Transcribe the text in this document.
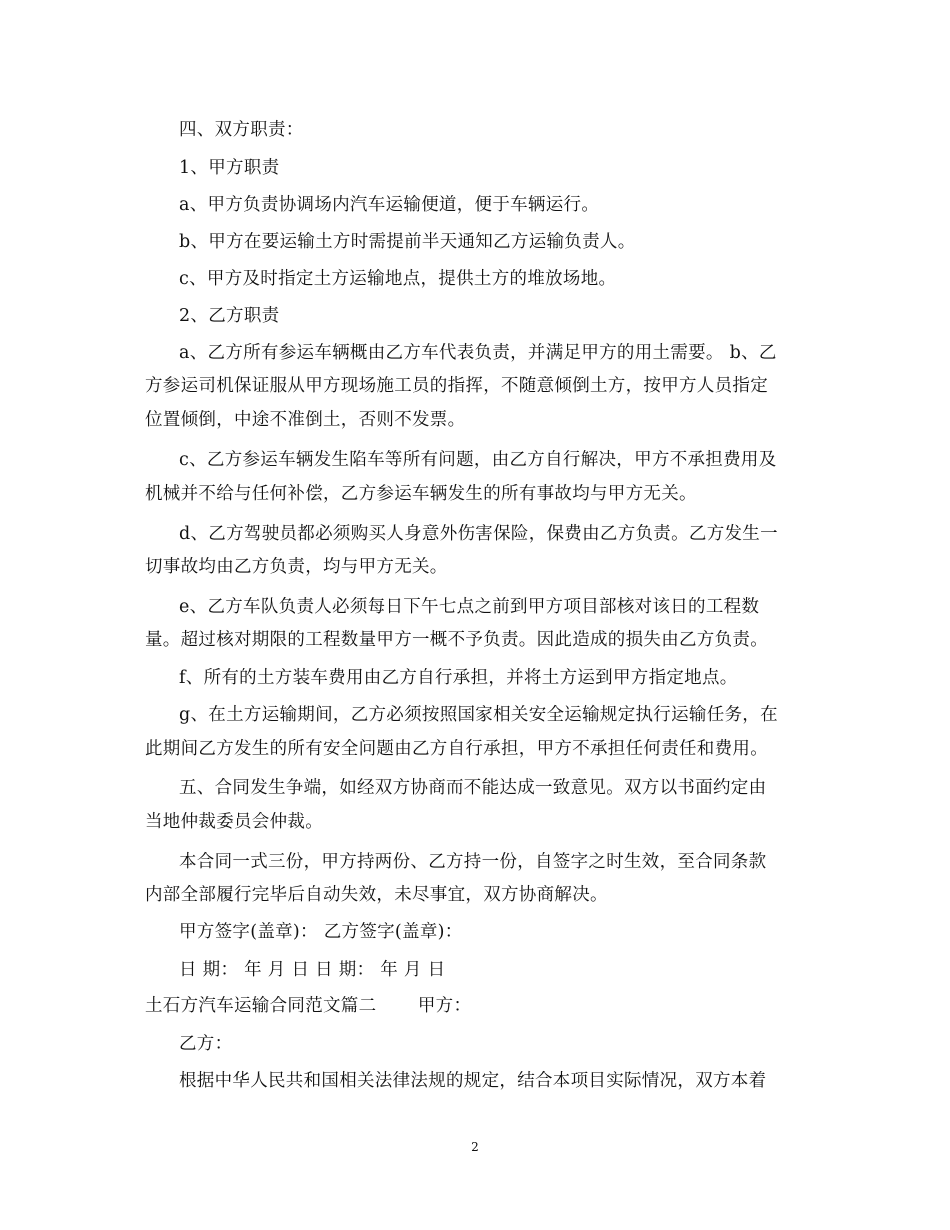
四、双方职责：
1、甲方职责
a、甲方负责协调场内汽车运输便道，便于车辆运行。
b、甲方在要运输土方时需提前半天通知乙方运输负责人。
c、甲方及时指定土方运输地点，提供土方的堆放场地。
2、乙方职责
a、乙方所有参运车辆概由乙方车代表负责，并满足甲方的用土需要。 b、乙
方参运司机保证服从甲方现场施工员的指挥，不随意倾倒土方，按甲方人员指定
位置倾倒，中途不准倒土，否则不发票。
c、乙方参运车辆发生陷车等所有问题，由乙方自行解决，甲方不承担费用及
机械并不给与任何补偿，乙方参运车辆发生的所有事故均与甲方无关。
d、乙方驾驶员都必须购买人身意外伤害保险，保费由乙方负责。乙方发生一
切事故均由乙方负责，均与甲方无关。
e、乙方车队负责人必须每日下午七点之前到甲方项目部核对该日的工程数
量。超过核对期限的工程数量甲方一概不予负责。因此造成的损失由乙方负责。
f、所有的土方装车费用由乙方自行承担，并将土方运到甲方指定地点。
g、在土方运输期间，乙方必须按照国家相关安全运输规定执行运输任务，在
此期间乙方发生的所有安全问题由乙方自行承担，甲方不承担任何责任和费用。
五、合同发生争端，如经双方协商而不能达成一致意见。双方以书面约定由
当地仲裁委员会仲裁。
本合同一式三份，甲方持两份、乙方持一份，自签字之时生效，至合同条款
内部全部履行完毕后自动失效，未尽事宜，双方协商解决。
甲方签字(盖章)： 乙方签字(盖章)：
日 期： 年 月 日 日 期： 年 月 日
土石方汽车运输合同范文篇二　　 甲方：
乙方：
根据中华人民共和国相关法律法规的规定，结合本项目实际情况，双方本着
2
